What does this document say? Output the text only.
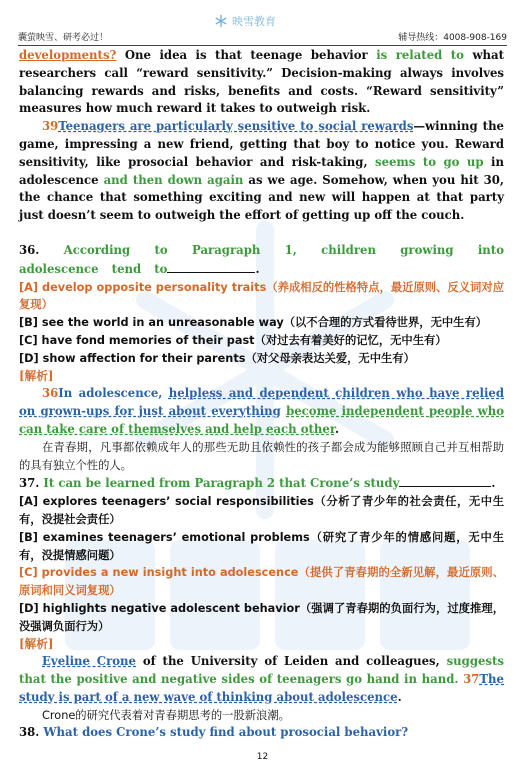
映雪教育
囊萤映雪、研考必过！	辅导热线：4008-908-169

developments? One idea is that teenage behavior is related to what researchers call “reward sensitivity.” Decision-making always involves balancing rewards and risks, benefits and costs. “Reward sensitivity” measures how much reward it takes to outweigh risk.

39Teenagers are particularly sensitive to social rewards—winning the game, impressing a new friend, getting that boy to notice you. Reward sensitivity, like prosocial behavior and risk-taking, seems to go up in adolescence and then down again as we age. Somehow, when you hit 30, the chance that something exciting and new will happen at that party just doesn’t seem to outweigh the effort of getting up off the couch.

36. According to Paragraph 1, children growing into adolescence tend to	.

[A] develop opposite personality traits（养成相反的性格特点，最近原则、反义词对应复现）

[B] see the world in an unreasonable way（以不合理的方式看待世界，无中生有）

[C] have fond memories of their past（对过去有着美好的记忆，无中生有）

[D] show affection for their parents（对父母亲表达关爱，无中生有）

[解析]

36In adolescence, helpless and dependent children who have relied on grown-ups for just about everything become independent people who can take care of themselves and help each other.

在青春期，凡事都依赖成年人的那些无助且依赖性的孩子都会成为能够照顾自己并互相帮助的具有独立个性的人。

37. It can be learned from Paragraph 2 that Crone’s study	.

[A] explores teenagers’ social responsibilities（分析了青少年的社会责任，无中生有，没提社会责任）

[B] examines teenagers’ emotional problems（研究了青少年的情感问题，无中生有，没提情感问题）

[C] provides a new insight into adolescence（提供了青春期的全新见解，最近原则、原词和同义词复现）

[D] highlights negative adolescent behavior（强调了青春期的负面行为，过度推理，没强调负面行为）

[解析]

Eveline Crone of the University of Leiden and colleagues, suggests that the positive and negative sides of teenagers go hand in hand. 37The study is part of a new wave of thinking about adolescence.

Crone的研究代表着对青春期思考的一股新浪潮。

38. What does Crone’s study find about prosocial behavior?

12
